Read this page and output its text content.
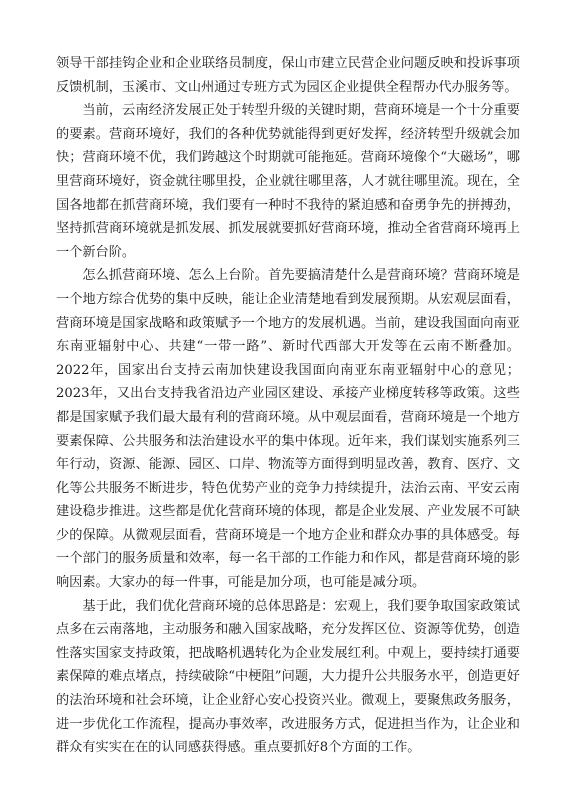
领导干部挂钩企业和企业联络员制度，保山市建立民营企业问题反映和投诉事项反馈机制，玉溪市、文山州通过专班方式为园区企业提供全程帮办代办服务等。

当前，云南经济发展正处于转型升级的关键时期，营商环境是一个十分重要的要素。营商环境好，我们的各种优势就能得到更好发挥，经济转型升级就会加快；营商环境不优，我们跨越这个时期就可能拖延。营商环境像个“大磁场”，哪里营商环境好，资金就往哪里投，企业就往哪里落，人才就往哪里流。现在，全国各地都在抓营商环境，我们要有一种时不我待的紧迫感和奋勇争先的拼搏劲，坚持抓营商环境就是抓发展、抓发展就要抓好营商环境，推动全省营商环境再上一个新台阶。

怎么抓营商环境、怎么上台阶。首先要搞清楚什么是营商环境？营商环境是一个地方综合优势的集中反映，能让企业清楚地看到发展预期。从宏观层面看，营商环境是国家战略和政策赋予一个地方的发展机遇。当前，建设我国面向南亚东南亚辐射中心、共建“一带一路”、新时代西部大开发等在云南不断叠加。2022年，国家出台支持云南加快建设我国面向南亚东南亚辐射中心的意见；2023年，又出台支持我省沿边产业园区建设、承接产业梯度转移等政策。这些都是国家赋予我们最大最有利的营商环境。从中观层面看，营商环境是一个地方要素保障、公共服务和法治建设水平的集中体现。近年来，我们谋划实施系列三年行动，资源、能源、园区、口岸、物流等方面得到明显改善，教育、医疗、文化等公共服务不断进步，特色优势产业的竞争力持续提升，法治云南、平安云南建设稳步推进。这些都是优化营商环境的体现，都是企业发展、产业发展不可缺少的保障。从微观层面看，营商环境是一个地方企业和群众办事的具体感受。每一个部门的服务质量和效率，每一名干部的工作能力和作风，都是营商环境的影响因素。大家办的每一件事，可能是加分项，也可能是减分项。

基于此，我们优化营商环境的总体思路是：宏观上，我们要争取国家政策试点多在云南落地，主动服务和融入国家战略，充分发挥区位、资源等优势，创造性落实国家支持政策，把战略机遇转化为企业发展红利。中观上，要持续打通要素保障的难点堵点，持续破除“中梗阻”问题，大力提升公共服务水平，创造更好的法治环境和社会环境，让企业舒心安心投资兴业。微观上，要聚焦政务服务，进一步优化工作流程，提高办事效率，改进服务方式，促进担当作为，让企业和群众有实实在在的认同感获得感。重点要抓好8个方面的工作。
